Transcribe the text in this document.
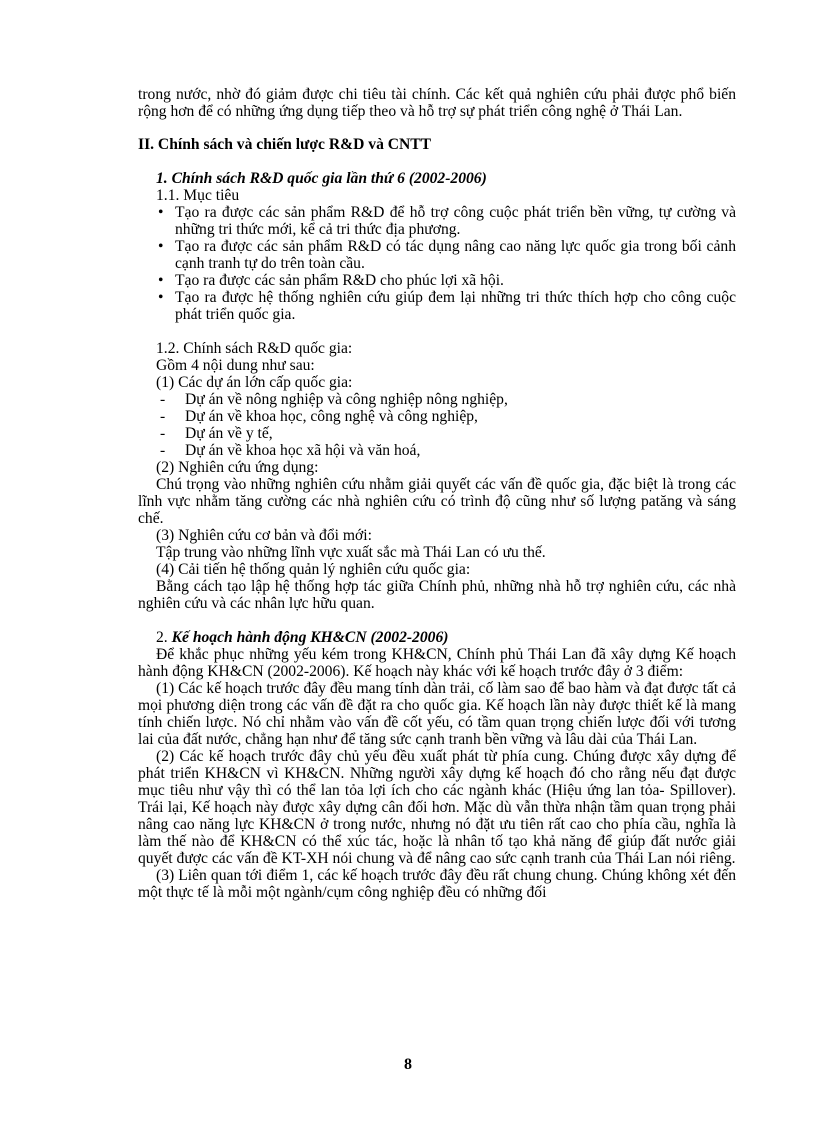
trong nước, nhờ đó giảm được chi tiêu tài chính. Các kết quả nghiên cứu phải được phổ biến rộng hơn để có những ứng dụng tiếp theo và hỗ trợ sự phát triển công nghệ ở Thái Lan.

II. Chính sách và chiến lược R&D và CNTT

1. Chính sách R&D quốc gia lần thứ 6 (2002-2006)

1.1. Mục tiêu

• Tạo ra được các sản phẩm R&D để hỗ trợ công cuộc phát triển bền vững, tự cường và những tri thức mới, kể cả tri thức địa phương.
• Tạo ra được các sản phẩm R&D có tác dụng nâng cao năng lực quốc gia trong bối cảnh cạnh tranh tự do trên toàn cầu.
• Tạo ra được các sản phẩm R&D cho phúc lợi xã hội.
• Tạo ra được hệ thống nghiên cứu giúp đem lại những tri thức thích hợp cho công cuộc phát triển quốc gia.

1.2. Chính sách R&D quốc gia:

Gồm 4 nội dung như sau:

(1) Các dự án lớn cấp quốc gia:

- Dự án về nông nghiệp và công nghiệp nông nghiệp,
- Dự án về khoa học, công nghệ và công nghiệp,
- Dự án về y tế,
- Dự án về khoa học xã hội và văn hoá,

(2) Nghiên cứu ứng dụng:

Chú trọng vào những nghiên cứu nhằm giải quyết các vấn đề quốc gia, đặc biệt là trong các lĩnh vực nhằm tăng cường các nhà nghiên cứu có trình độ cũng như số lượng patăng và sáng chế.

(3) Nghiên cứu cơ bản và đổi mới:

Tập trung vào những lĩnh vực xuất sắc mà Thái Lan có ưu thế.

(4) Cải tiến hệ thống quản lý nghiên cứu quốc gia:

Bằng cách tạo lập hệ thống hợp tác giữa Chính phủ, những nhà hỗ trợ nghiên cứu, các nhà nghiên cứu và các nhân lực hữu quan.

2. Kế hoạch hành động KH&CN (2002-2006)

Để khắc phục những yếu kém trong KH&CN, Chính phủ Thái Lan đã xây dựng Kế hoạch hành động KH&CN (2002-2006). Kế hoạch này khác với kế hoạch trước đây ở 3 điểm:

(1) Các kế hoạch trước đây đều mang tính dàn trải, cố làm sao để bao hàm và đạt được tất cả mọi phương diện trong các vấn đề đặt ra cho quốc gia. Kế hoạch lần này được thiết kế là mang tính chiến lược. Nó chỉ nhằm vào vấn đề cốt yếu, có tầm quan trọng chiến lược đối với tương lai của đất nước, chẳng hạn như để tăng sức cạnh tranh bền vững và lâu dài của Thái Lan.

(2) Các kế hoạch trước đây chủ yếu đều xuất phát từ phía cung. Chúng được xây dựng để phát triển KH&CN vì KH&CN. Những người xây dựng kế hoạch đó cho rằng nếu đạt được mục tiêu như vậy thì có thể lan tỏa lợi ích cho các ngành khác (Hiệu ứng lan tỏa- Spillover). Trái lại, Kế hoạch này được xây dựng cân đối hơn. Mặc dù vẫn thừa nhận tầm quan trọng phải nâng cao năng lực KH&CN ở trong nước, nhưng nó đặt ưu tiên rất cao cho phía cầu, nghĩa là làm thế nào để KH&CN có thể xúc tác, hoặc là nhân tố tạo khả năng để giúp đất nước giải quyết được các vấn đề KT-XH nói chung và để nâng cao sức cạnh tranh của Thái Lan nói riêng.

(3) Liên quan tới điểm 1, các kế hoạch trước đây đều rất chung chung. Chúng không xét đến một thực tế là mỗi một ngành/cụm công nghiệp đều có những đối

8
